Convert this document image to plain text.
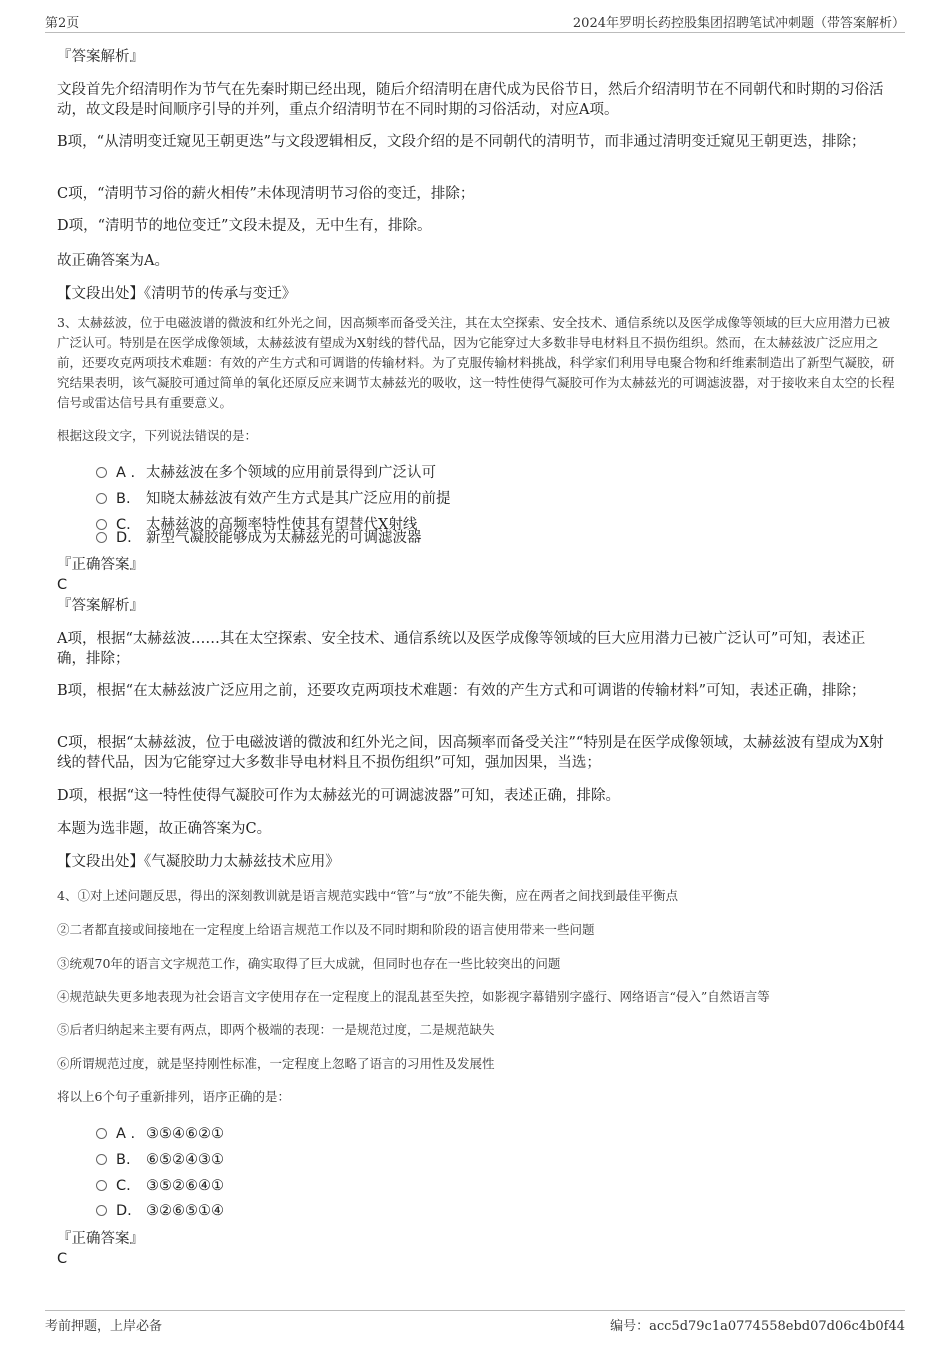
第2页	2024年罗明长药控股集团招聘笔试冲刺题（带答案解析）
『答案解析』
文段首先介绍清明作为节气在先秦时期已经出现，随后介绍清明在唐代成为民俗节日，然后介绍清明节在不同朝代和时期的习俗活动，故文段是时间顺序引导的并列，重点介绍清明节在不同时期的习俗活动，对应A项。
B项，“从清明变迁窥见王朝更迭”与文段逻辑相反，文段介绍的是不同朝代的清明节，而非通过清明变迁窥见王朝更迭，排除；
C项，“清明节习俗的薪火相传”未体现清明节习俗的变迁，排除；
D项，“清明节的地位变迁”文段未提及，无中生有，排除。
故正确答案为A。
【文段出处】《清明节的传承与变迁》
3、太赫兹波，位于电磁波谱的微波和红外光之间，因高频率而备受关注，其在太空探索、安全技术、通信系统以及医学成像等领域的巨大应用潜力已被广泛认可。特别是在医学成像领域，太赫兹波有望成为X射线的替代品，因为它能穿过大多数非导电材料且不损伤组织。然而，在太赫兹波广泛应用之前，还要攻克两项技术难题：有效的产生方式和可调谐的传输材料。为了克服传输材料挑战，科学家们利用导电聚合物和纤维素制造出了新型气凝胶，研究结果表明，该气凝胶可通过简单的氧化还原反应来调节太赫兹光的吸收，这一特性使得气凝胶可作为太赫兹光的可调滤波器，对于接收来自太空的长程信号或雷达信号具有重要意义。
根据这段文字，下列说法错误的是：
A . 太赫兹波在多个领域的应用前景得到广泛认可
B. 知晓太赫兹波有效产生方式是其广泛应用的前提
C. 太赫兹波的高频率特性使其有望替代X射线
D. 新型气凝胶能够成为太赫兹光的可调滤波器
『正确答案』
C
『答案解析』
A项，根据“太赫兹波……其在太空探索、安全技术、通信系统以及医学成像等领域的巨大应用潜力已被广泛认可”可知，表述正确，排除；
B项，根据“在太赫兹波广泛应用之前，还要攻克两项技术难题：有效的产生方式和可调谐的传输材料”可知，表述正确，排除；
C项，根据“太赫兹波，位于电磁波谱的微波和红外光之间，因高频率而备受关注”“特别是在医学成像领域，太赫兹波有望成为X射线的替代品，因为它能穿过大多数非导电材料且不损伤组织”可知，强加因果，当选；
D项，根据“这一特性使得气凝胶可作为太赫兹光的可调滤波器”可知，表述正确，排除。
本题为选非题，故正确答案为C。
【文段出处】《气凝胶助力太赫兹技术应用》
4、①对上述问题反思，得出的深刻教训就是语言规范实践中“管”与“放”不能失衡，应在两者之间找到最佳平衡点
②二者都直接或间接地在一定程度上给语言规范工作以及不同时期和阶段的语言使用带来一些问题
③统观70年的语言文字规范工作，确实取得了巨大成就，但同时也存在一些比较突出的问题
④规范缺失更多地表现为社会语言文字使用存在一定程度上的混乱甚至失控，如影视字幕错别字盛行、网络语言“侵入”自然语言等
⑤后者归纳起来主要有两点，即两个极端的表现：一是规范过度，二是规范缺失
⑥所谓规范过度，就是坚持刚性标准，一定程度上忽略了语言的习用性及发展性
将以上6个句子重新排列，语序正确的是：
A . ③⑤④⑥②①
B. ⑥⑤②④③①
C. ③⑤②⑥④①
D. ③②⑥⑤①④
『正确答案』
C
考前押题，上岸必备	编号：acc5d79c1a0774558ebd07d06c4b0f44
